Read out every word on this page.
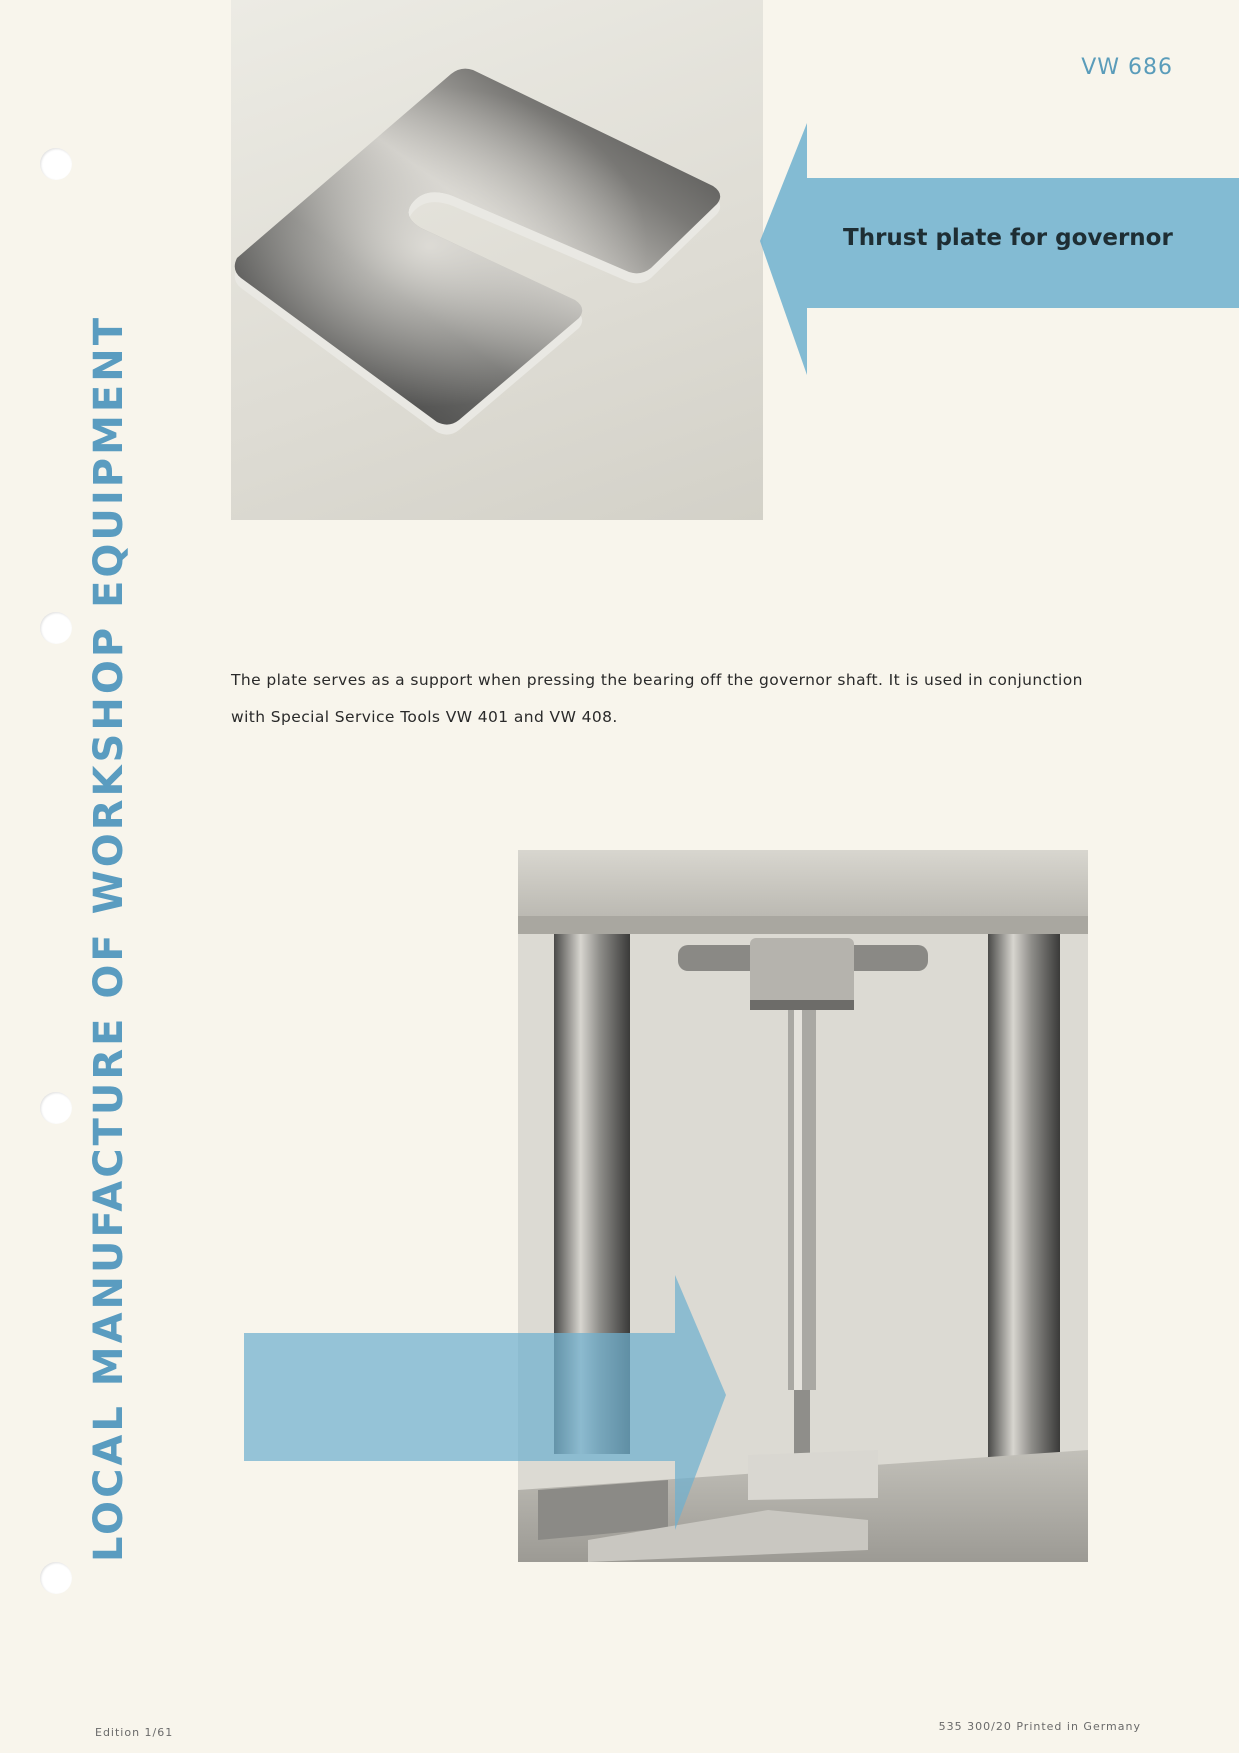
VW 686
LOCAL MANUFACTURE OF WORKSHOP EQUIPMENT
Thrust plate for governor

The plate serves as a support when pressing the bearing off the governor shaft. It is used in conjunction

with Special Service Tools VW 401 and VW 408.

Edition 1/61	535 300/20 Printed in Germany
